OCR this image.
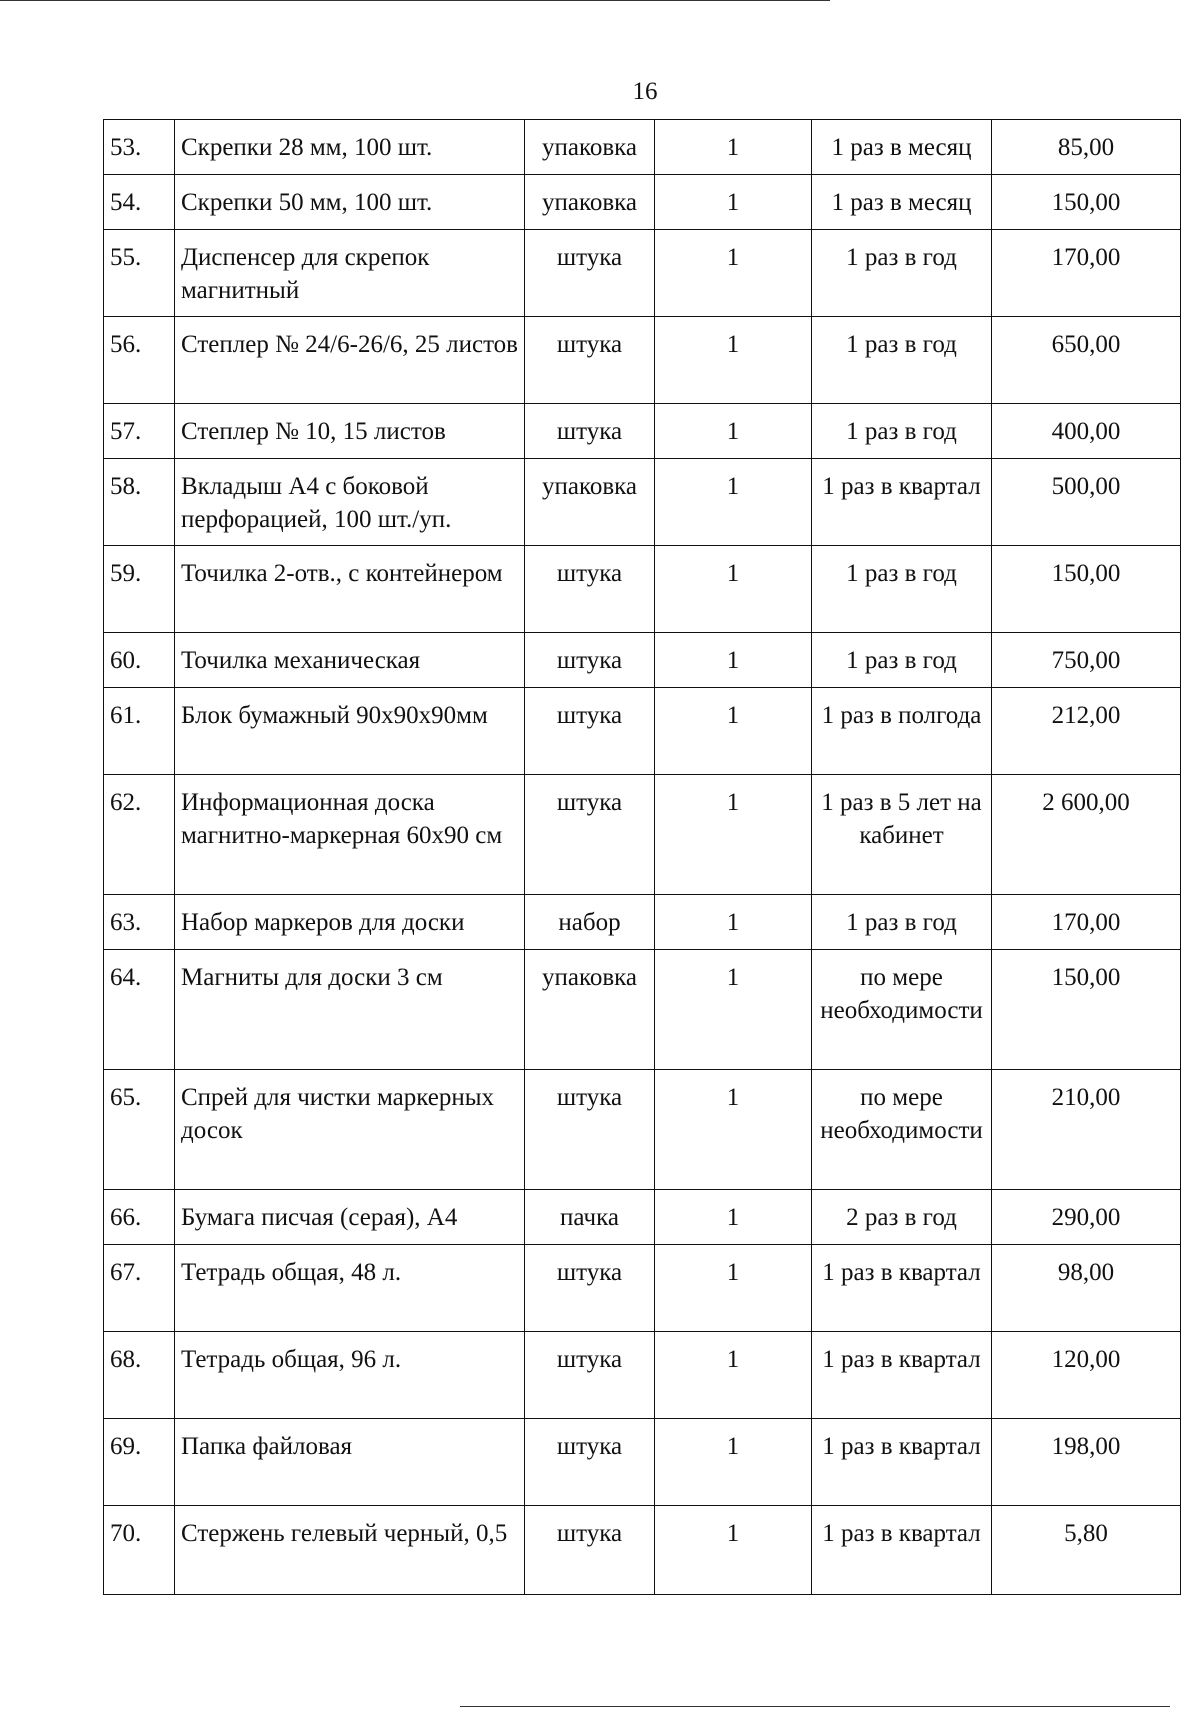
16
53.	Скрепки 28 мм, 100 шт.	упаковка	1	1 раз в месяц	85,00
54.	Скрепки 50 мм, 100 шт.	упаковка	1	1 раз в месяц	150,00
55.	Диспенсер для скрепок магнитный	штука	1	1 раз в год	170,00
56.	Степлер № 24/6-26/6, 25 листов	штука	1	1 раз в год	650,00
57.	Степлер № 10, 15 листов	штука	1	1 раз в год	400,00
58.	Вкладыш А4 с боковой перфорацией, 100 шт./уп.	упаковка	1	1 раз в квартал	500,00
59.	Точилка 2-отв., с контейнером	штука	1	1 раз в год	150,00
60.	Точилка механическая	штука	1	1 раз в год	750,00
61.	Блок бумажный 90х90х90мм	штука	1	1 раз в полгода	212,00
62.	Информационная доска магнитно-маркерная 60х90 см	штука	1	1 раз в 5 лет на кабинет	2 600,00
63.	Набор маркеров для доски	набор	1	1 раз в год	170,00
64.	Магниты для доски 3 см	упаковка	1	по мере необходимости	150,00
65.	Спрей для чистки маркерных досок	штука	1	по мере необходимости	210,00
66.	Бумага писчая (серая), А4	пачка	1	2 раз в год	290,00
67.	Тетрадь общая, 48 л.	штука	1	1 раз в квартал	98,00
68.	Тетрадь общая, 96 л.	штука	1	1 раз в квартал	120,00
69.	Папка файловая	штука	1	1 раз в квартал	198,00
70.	Стержень гелевый черный, 0,5	штука	1	1 раз в квартал	5,80
